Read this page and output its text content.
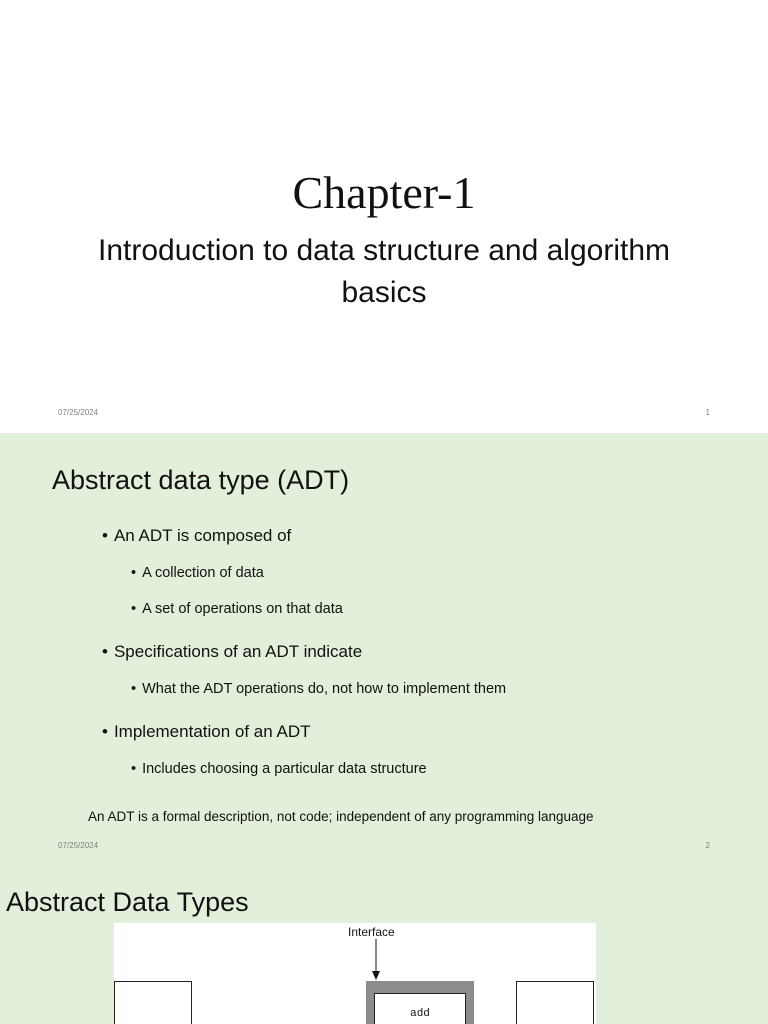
Chapter-1
Introduction to data structure and algorithm basics
07/25/2024	1
Abstract data type (ADT)
• An ADT is composed of
• A collection of data
• A set of operations on that data
• Specifications of an ADT indicate
• What the ADT operations do, not how to implement them
• Implementation of an ADT
• Includes choosing a particular data structure
An ADT is a formal description, not code; independent of any programming language
07/25/2024	2
Abstract Data Types
Interface
add
